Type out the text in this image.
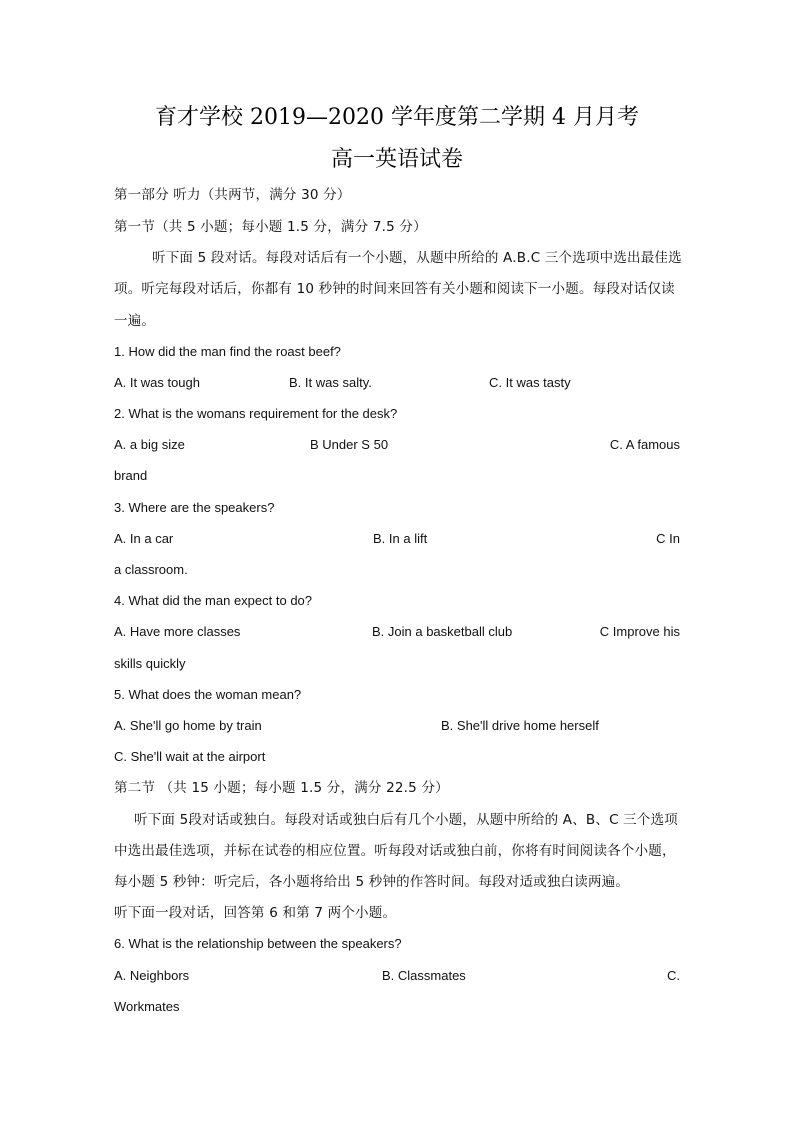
育才学校 2019—2020 学年度第二学期 4 月月考
高一英语试卷
第一部分 听力（共两节，满分 30 分）
第一节（共 5 小题；每小题 1.5 分，满分 7.5 分）
听下面 5 段对话。每段对话后有一个小题，从题中所给的 A.B.C 三个选项中选出最佳选
项。听完每段对话后，你都有 10 秒钟的时间来回答有关小题和阅读下一小题。每段对话仅读
一遍。
1. How did the man find the roast beef?
A. It was tough	B. It was salty.	C. It was tasty
2. What is the womans requirement for the desk?
A. a big size	B Under S 50	C. A famous
brand
3. Where are the speakers?
A. In a car	B. In a lift	C In
a classroom.
4. What did the man expect to do?
A. Have more classes	B. Join a basketball club	C Improve his
skills quickly
5. What does the woman mean?
A. She'll go home by train	B. She'll drive home herself
C. She'll wait at the airport
第二节 （共 15 小题；每小题 1.5 分，满分 22.5 分）
听下面 5段对话或独白。每段对话或独白后有几个小题，从题中所给的 A、B、C 三个选项
中选出最佳选项，并标在试卷的相应位置。听每段对话或独白前，你将有时间阅读各个小题，
每小题 5 秒钟：听完后，各小题将给出 5 秒钟的作答时间。每段对适或独白读两遍。
听下面一段对话，回答第 6 和第 7 两个小题。
6. What is the relationship between the speakers?
A. Neighbors	B. Classmates	C.
Workmates
